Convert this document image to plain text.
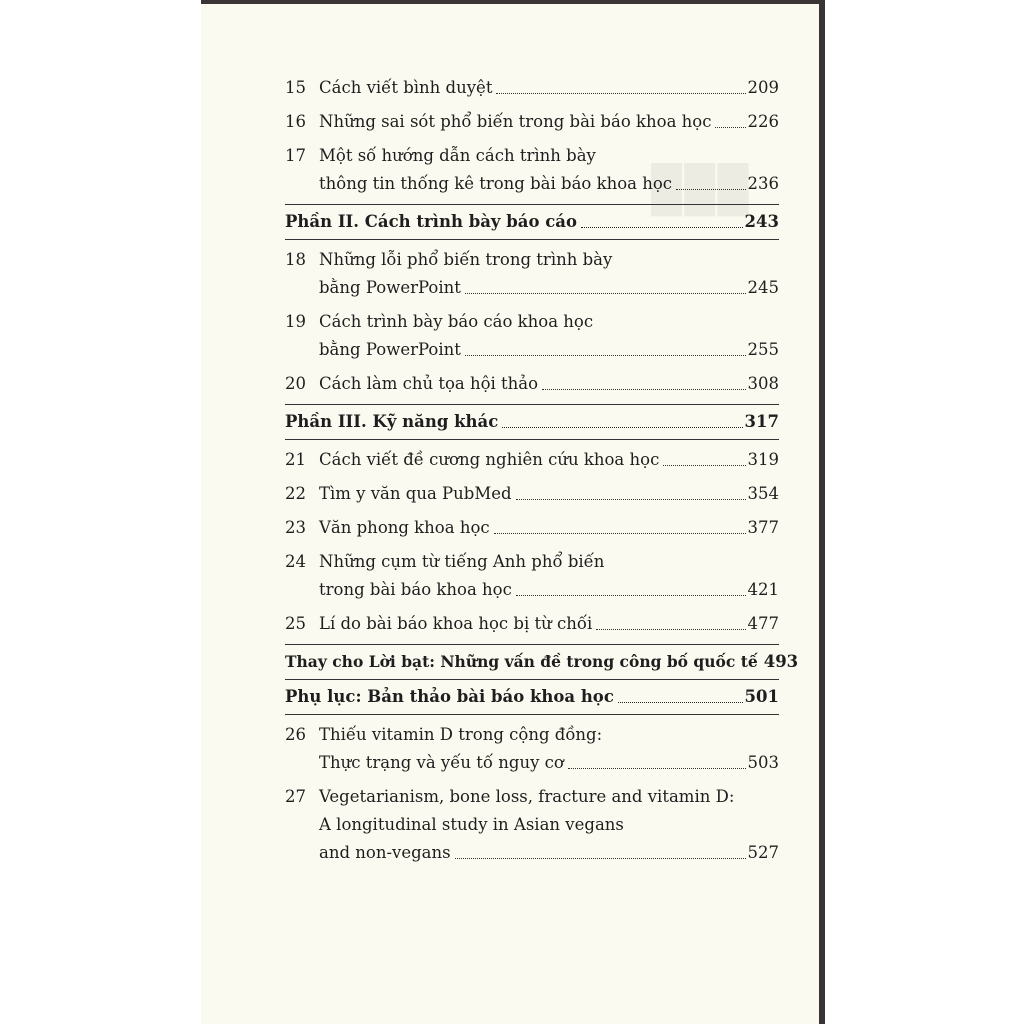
███
15 Cách viết bình duyệt	209
16 Những sai sót phổ biến trong bài báo khoa học 226
17 Một số hướng dẫn cách trình bày
thông tin thống kê trong bài báo khoa học	236
Phần II. Cách trình bày báo cáo	243
18 Những lỗi phổ biến trong trình bày
bằng PowerPoint	245
19 Cách trình bày báo cáo khoa học
bằng PowerPoint	255
20 Cách làm chủ tọa hội thảo	308
Phần III. Kỹ năng khác	317
21 Cách viết đề cương nghiên cứu khoa học	319
22 Tìm y văn qua PubMed	354
23 Văn phong khoa học	377
24 Những cụm từ tiếng Anh phổ biến
trong bài báo khoa học	421
25 Lí do bài báo khoa học bị từ chối	477
Thay cho Lời bạt: Những vấn đề trong công bố quốc tế 493
Phụ lục: Bản thảo bài báo khoa học	501
26 Thiếu vitamin D trong cộng đồng:
Thực trạng và yếu tố nguy cơ	503
27 Vegetarianism, bone loss, fracture and vitamin D:
A longitudinal study in Asian vegans
and non-vegans	527
